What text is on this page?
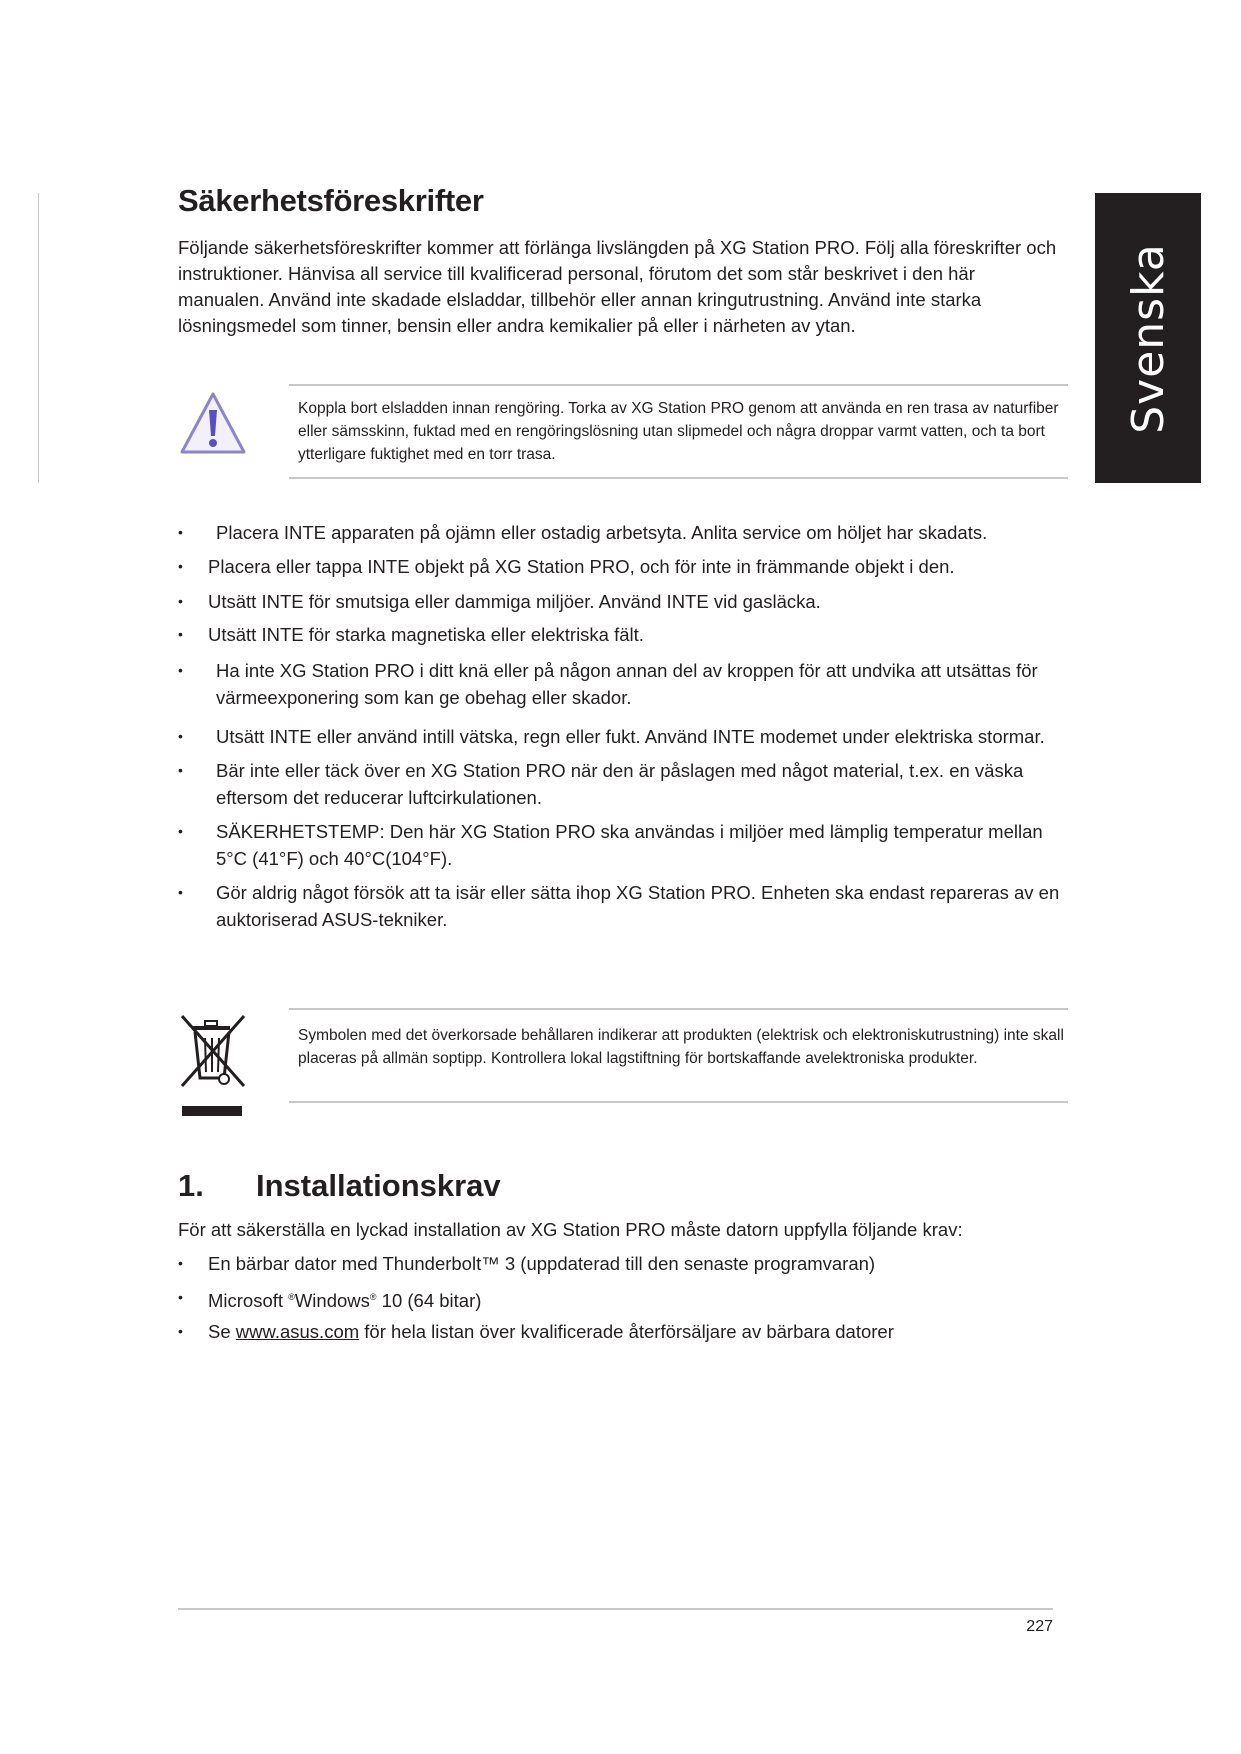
Svenska
Säkerhetsföreskrifter

Följande säkerhetsföreskrifter kommer att förlänga livslängden på XG Station PRO. Följ alla föreskrifter och instruktioner. Hänvisa all service till kvalificerad personal, förutom det som står beskrivet i den här manualen. Använd inte skadade elsladdar, tillbehör eller annan kringutrustning. Använd inte starka lösningsmedel som tinner, bensin eller andra kemikalier på eller i närheten av ytan.

Koppla bort elsladden innan rengöring. Torka av XG Station PRO genom att använda en ren trasa av naturfiber eller sämsskinn, fuktad med en rengöringslösning utan slipmedel och några droppar varmt vatten, och ta bort ytterligare fuktighet med en torr trasa.

•	Placera INTE apparaten på ojämn eller ostadig arbetsyta. Anlita service om höljet har skadats.
•	Placera eller tappa INTE objekt på XG Station PRO, och för inte in främmande objekt i den.
•	Utsätt INTE för smutsiga eller dammiga miljöer. Använd INTE vid gasläcka.
•	Utsätt INTE för starka magnetiska eller elektriska fält.
•	Ha inte XG Station PRO i ditt knä eller på någon annan del av kroppen för att undvika att utsättas för värmeexponering som kan ge obehag eller skador.
•	Utsätt INTE eller använd intill vätska, regn eller fukt. Använd INTE modemet under elektriska stormar.
•	Bär inte eller täck över en XG Station PRO när den är påslagen med något material, t.ex. en väska eftersom det reducerar luftcirkulationen.
•	SÄKERHETSTEMP: Den här XG Station PRO ska användas i miljöer med lämplig temperatur mellan 5°C (41°F) och 40°C(104°F).
•	Gör aldrig något försök att ta isär eller sätta ihop XG Station PRO. Enheten ska endast repareras av en auktoriserad ASUS-tekniker.

Symbolen med det överkorsade behållaren indikerar att produkten (elektrisk och elektroniskutrustning) inte skall placeras på allmän soptipp. Kontrollera lokal lagstiftning för bortskaffande avelektroniska produkter.

1. Installationskrav

För att säkerställa en lyckad installation av XG Station PRO måste datorn uppfylla följande krav:

•	En bärbar dator med Thunderbolt™ 3 (uppdaterad till den senaste programvaran)
•	Microsoft ®Windows® 10 (64 bitar)
•	Se www.asus.com för hela listan över kvalificerade återförsäljare av bärbara datorer
227
